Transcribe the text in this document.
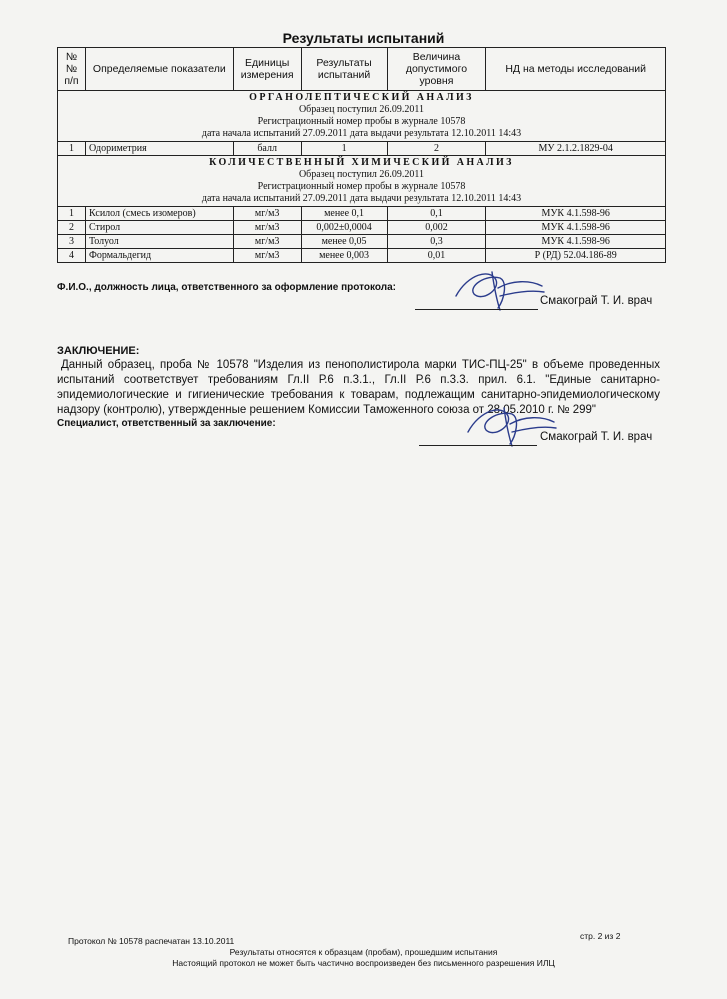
Результаты испытаний
№№ п/п	Определяемые показатели	Единицы измерения	Результаты испытаний	Величина допустимого уровня	НД на методы исследований

ОРГАНОЛЕПТИЧЕСКИЙ АНАЛИЗ
Образец поступил 26.09.2011
Регистрационный номер пробы в журнале 10578
дата начала испытаний 27.09.2011 дата выдачи результата 12.10.2011 14:43					

1	Одориметрия	балл	1	2	МУ 2.1.2.1829-04

КОЛИЧЕСТВЕННЫЙ ХИМИЧЕСКИЙ АНАЛИЗ
Образец поступил 26.09.2011
Регистрационный номер пробы в журнале 10578
дата начала испытаний 27.09.2011 дата выдачи результата 12.10.2011 14:43					

1	Ксилол (смесь изомеров)	мг/м3	менее 0,1	0,1	МУК 4.1.598-96
2	Стирол	мг/м3	0,002±0,0004	0,002	МУК 4.1.598-96
3	Толуол	мг/м3	менее 0,05	0,3	МУК 4.1.598-96
4	Формальдегид	мг/м3	менее 0,003	0,01	Р (РД) 52.04.186-89
Ф.И.О., должность лица, ответственного за оформление протокола:
Смакограй Т. И. врач
ЗАКЛЮЧЕНИЕ:
Данный образец, проба № 10578 "Изделия из пенополистирола марки ТИС-ПЦ-25" в объеме проведенных испытаний соответствует требованиям Гл.II Р.6 п.3.1., Гл.II Р.6 п.3.3. прил. 6.1. "Единые санитарно-эпидемиологические и гигиенические требования к товарам, подлежащим санитарно-эпидемиологическому надзору (контролю), утвержденные решением Комиссии Таможенного союза от 28.05.2010 г. № 299"
Специалист, ответственный за заключение:
Смакограй Т. И. врач
Протокол № 10578 распечатан 13.10.2011	стр. 2 из 2
Результаты относятся к образцам (пробам), прошедшим испытания
Настоящий протокол не может быть частично воспроизведен без письменного разрешения ИЛЦ
